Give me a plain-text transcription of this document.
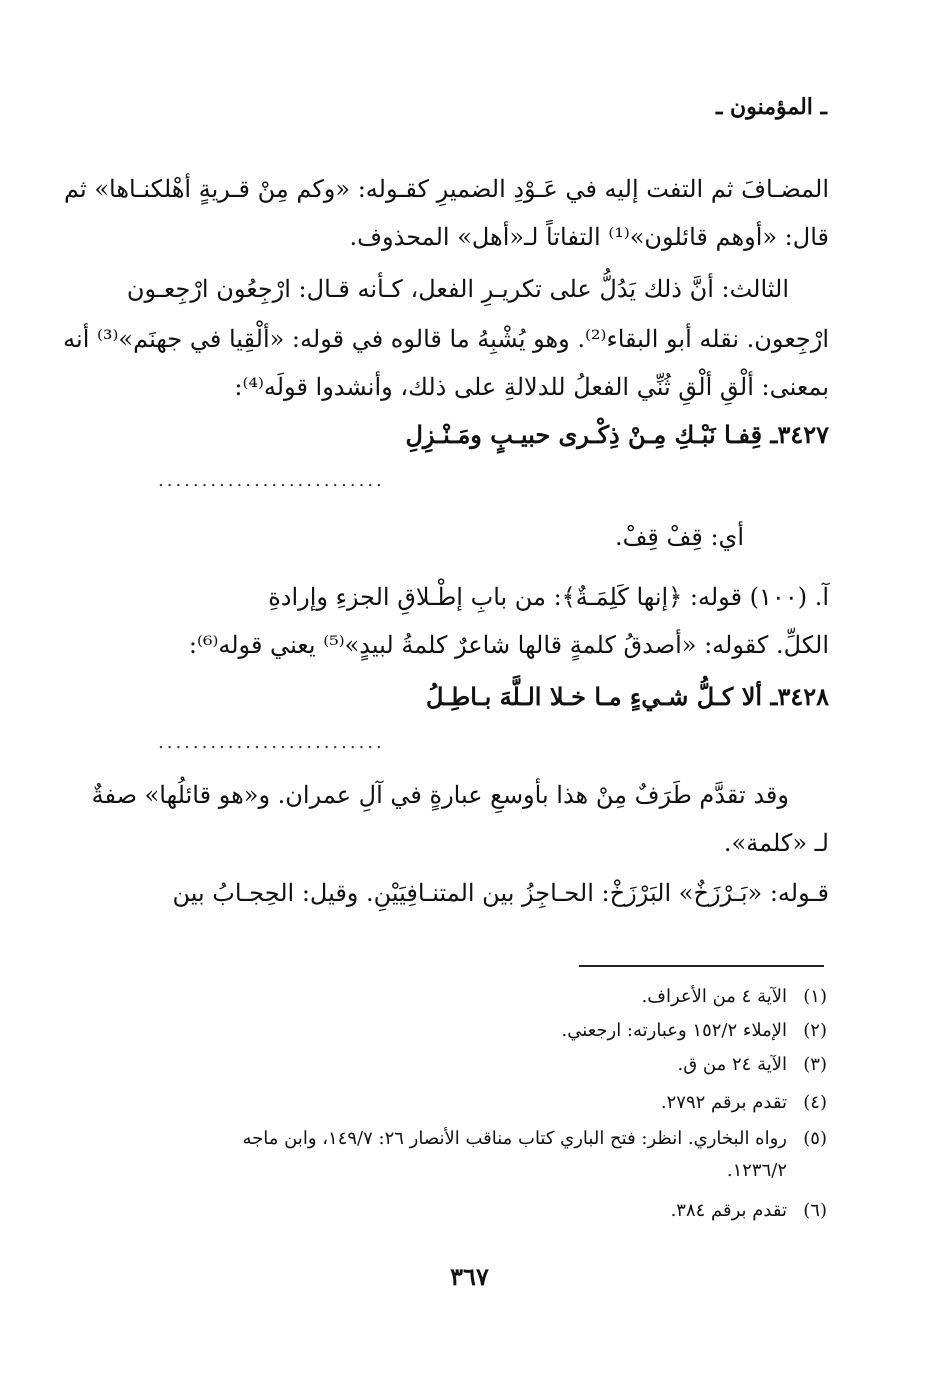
ـ المؤمنون ـ
المضـافَ ثم التفت إليه في عَـوْدِ الضميرِ كقـوله: «وكم مِنْ قـريةٍ أهْلكنـاها» ثم
قال: «أوهم قائلون»⁽¹⁾ التفاتاً لـ«أهل» المحذوف.
الثالث: أنَّ ذلك يَدُلُّ على تكريـرِ الفعل، كـأنه قـال: ارْجِعُون ارْجِعـون
ارْجِعون. نقله أبو البقاء⁽²⁾. وهو يُشْبِهُ ما قالوه في قوله: «ألْقِيا في جهنَم»⁽³⁾ أنه
بمعنى: ألْقِ ألْقِ ثُنِّي الفعلُ للدلالةِ على ذلك، وأنشدوا قولَه⁽⁴⁾:
٣٤٢٧ـ قِفـا نَبْـكِ مِـنْ ذِكْـرى حبيـبٍ ومَـنْـزِلِ
..........................
أي: قِفْ قِفْ.
آ. (١٠٠) قوله: ﴿إنها كَلِمَـةٌ﴾: من بابِ إطْـلاقِ الجزءِ وإرادةِ
الكلِّ. كقوله: «أصدقُ كلمةٍ قالها شاعرٌ كلمةُ لبيدٍ»⁽⁵⁾ يعني قوله⁽⁶⁾:
٣٤٢٨ـ ألا كـلُّ شـيءٍ مـا خـلا الـلَّهَ بـاطِـلُ
..........................
وقد تقدَّم طَرَفٌ مِنْ هذا بأوسعِ عبارةٍ في آلِ عمران. و«هو قائلُها» صفةٌ
لـ «كلمة».
قـوله: «بَـرْزَخٌ» البَرْزَخْ: الحـاجِزُ بين المتنـافِيَيْنِ. وقيل: الحِجـابُ بين
(١)الآية ٤ من الأعراف.
(٢)الإملاء ١٥٢/٢ وعبارته: ارجعني.
(٣)الآية ٢٤ من ق.
(٤)تقدم برقم ٢٧٩٢.
(٥)رواه البخاري. انظر: فتح الباري كتاب مناقب الأنصار ٢٦: ١٤٩/٧، وابن ماجه
١٢٣٦/٢.
(٦)تقدم برقم ٣٨٤.
٣٦٧
